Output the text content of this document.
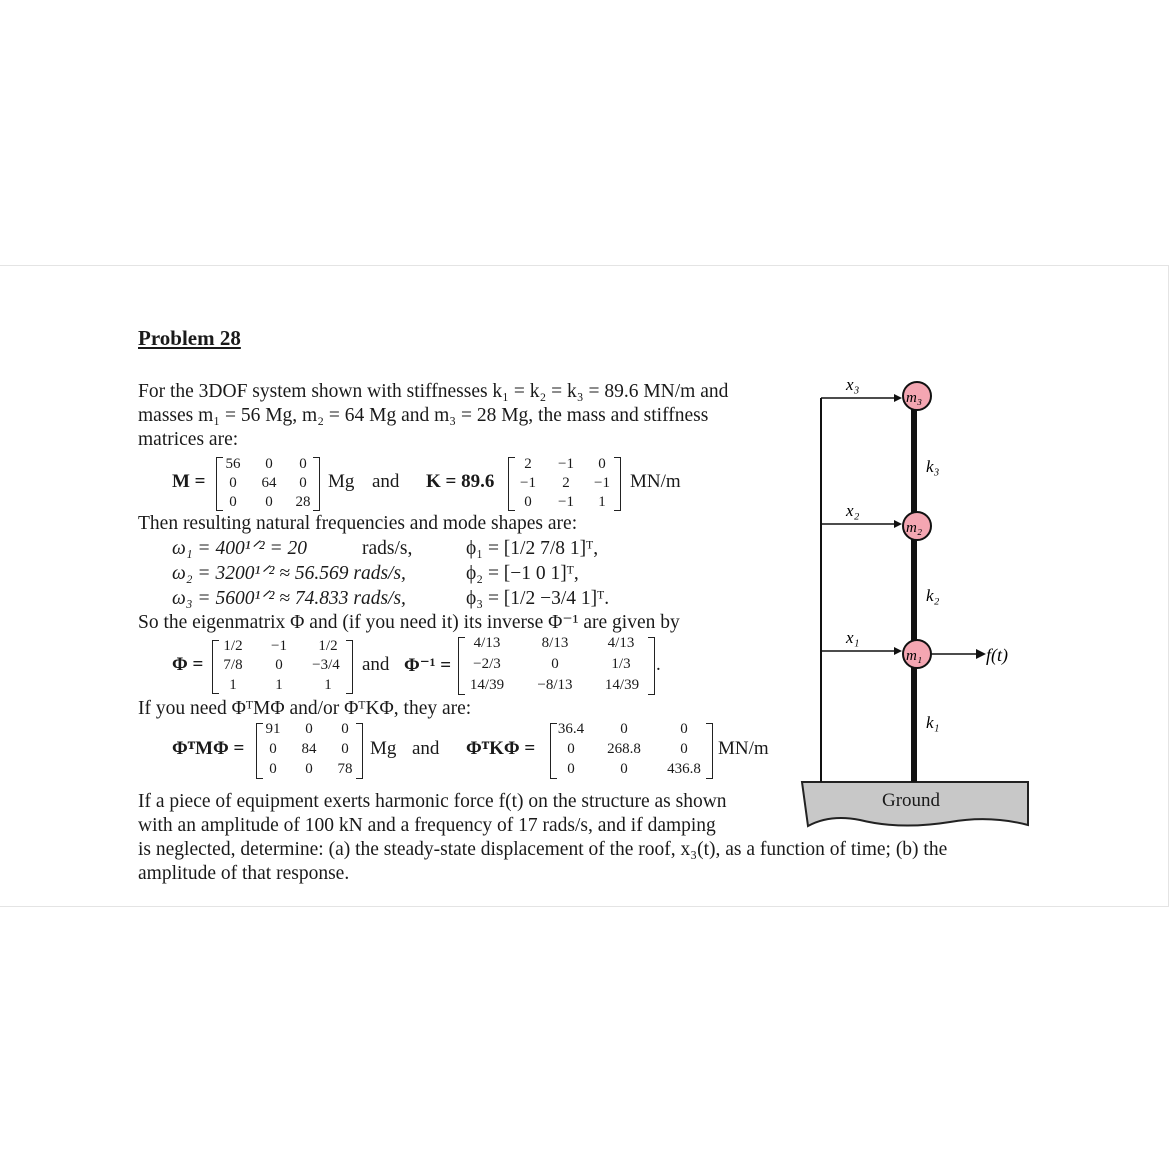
Problem 28
For the 3DOF system shown with stiffnesses k₁ = k₂ = k₃ = 89.6 MN/m and
masses m₁ = 56 Mg, m₂ = 64 Mg and m₃ = 28 Mg, the mass and stiffness
matrices are:
M =
56	0	0
0	64	0
0	0	28
Mg and K = 89.6
2	−1	0
−1	2	−1
0	−1	1
MN/m
Then resulting natural frequencies and mode shapes are:
ω₁ = 400¹ᐟ² = 20	rads/s,	ϕ₁ = [1/2 7/8 1]ᵀ,
ω₂ = 3200¹ᐟ² ≈ 56.569 rads/s,	ϕ₂ = [−1 0 1]ᵀ,
ω₃ = 5600¹ᐟ² ≈ 74.833 rads/s,	ϕ₃ = [1/2 −3/4 1]ᵀ.
So the eigenmatrix Φ and (if you need it) its inverse Φ⁻¹ are given by
Φ =
1/2	−1	1/2
7/8	0	−3/4
1	1	1
and Φ⁻¹ =
4/13	8/13	4/13
−2/3	0	1/3
14/39	−8/13	14/39
.
If you need ΦᵀMΦ and/or ΦᵀKΦ, they are:
ΦᵀMΦ =
91	0	0
0	84	0
0	0	78
Mg and ΦᵀKΦ =
36.4	0	0
0	268.8	0
0	0	436.8
MN/m
If a piece of equipment exerts harmonic force f(t) on the structure as shown
with an amplitude of 100 kN and a frequency of 17 rads/s, and if damping
is neglected, determine: (a) the steady-state displacement of the roof, x₃(t), as a function of time; (b) the
amplitude of that response.
Ground
x₃
x₂
x₁
m₃
m₂
m₁
k₃
k₂
k₁
f(t)
